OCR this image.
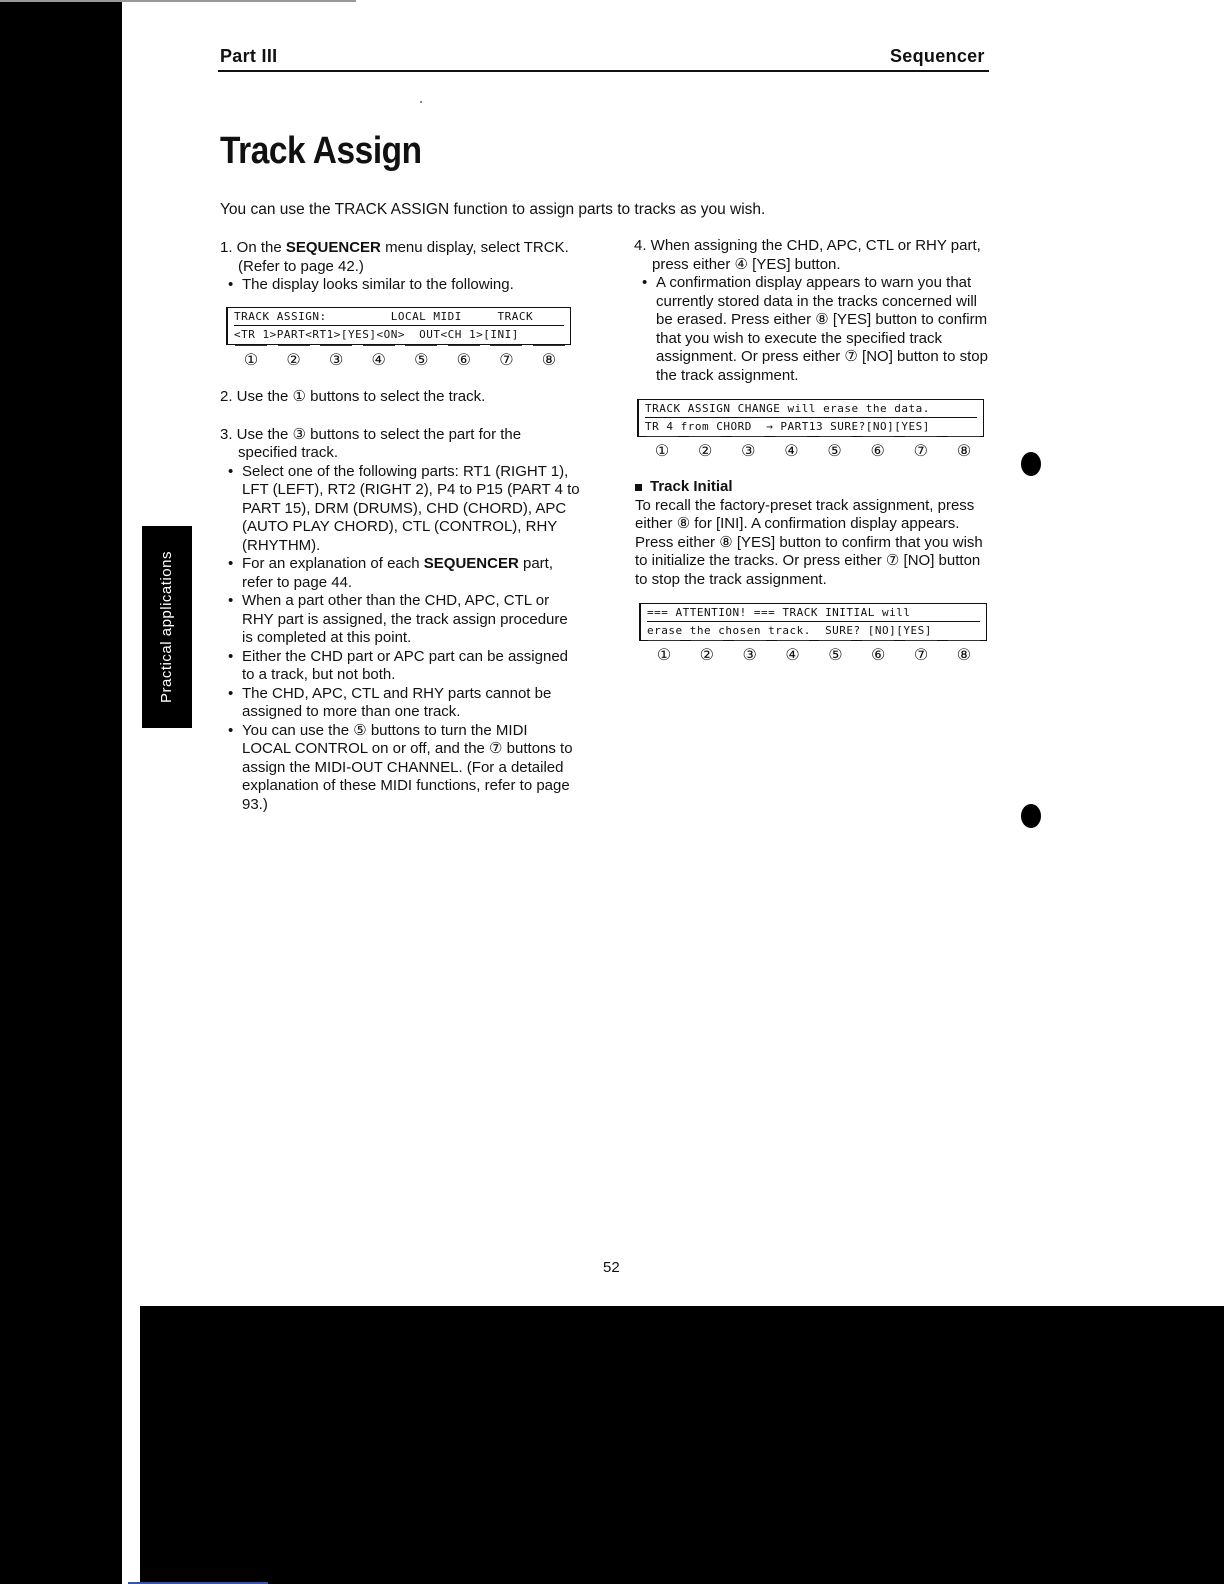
Part III	Sequencer
Track Assign
You can use the TRACK ASSIGN function to assign parts to tracks as you wish.
Practical applications

1. On the SEQUENCER menu display, select TRCK. (Refer to page 42.)

• The display looks similar to the following.

TRACK ASSIGN:         LOCAL MIDI     TRACK
<TR 1>PART<RT1>[YES]<ON>  OUT<CH 1>[INI]
① ② ③ ④ ⑤ ⑥ ⑦ ⑧

2. Use the ① buttons to select the track.

3. Use the ③ buttons to select the part for the specified track.

• Select one of the following parts: RT1 (RIGHT 1), LFT (LEFT), RT2 (RIGHT 2), P4 to P15 (PART 4 to PART 15), DRM (DRUMS), CHD (CHORD), APC (AUTO PLAY CHORD), CTL (CONTROL), RHY (RHYTHM).

• For an explanation of each SEQUENCER part, refer to page 44.

• When a part other than the CHD, APC, CTL or RHY part is assigned, the track assign procedure is completed at this point.

• Either the CHD part or APC part can be assigned to a track, but not both.

• The CHD, APC, CTL and RHY parts cannot be assigned to more than one track.

• You can use the ⑤ buttons to turn the MIDI LOCAL CONTROL on or off, and the ⑦ buttons to assign the MIDI-OUT CHANNEL. (For a detailed explanation of these MIDI functions, refer to page 93.)

4. When assigning the CHD, APC, CTL or RHY part, press either ④ [YES] button.

• A confirmation display appears to warn you that currently stored data in the tracks concerned will be erased. Press either ⑧ [YES] button to confirm that you wish to execute the specified track assignment. Or press either ⑦ [NO] button to stop the track assignment.

TRACK ASSIGN CHANGE will erase the data.
TR 4 from CHORD  → PART13 SURE?[NO][YES]
① ② ③ ④ ⑤ ⑥ ⑦ ⑧

Track Initial

To recall the factory-preset track assignment, press either ⑧ for [INI]. A confirmation display appears. Press either ⑧ [YES] button to confirm that you wish to initialize the tracks. Or press either ⑦ [NO] button to stop the track assignment.

=== ATTENTION! === TRACK INITIAL will
erase the chosen track.  SURE? [NO][YES]
① ② ③ ④ ⑤ ⑥ ⑦ ⑧
52
